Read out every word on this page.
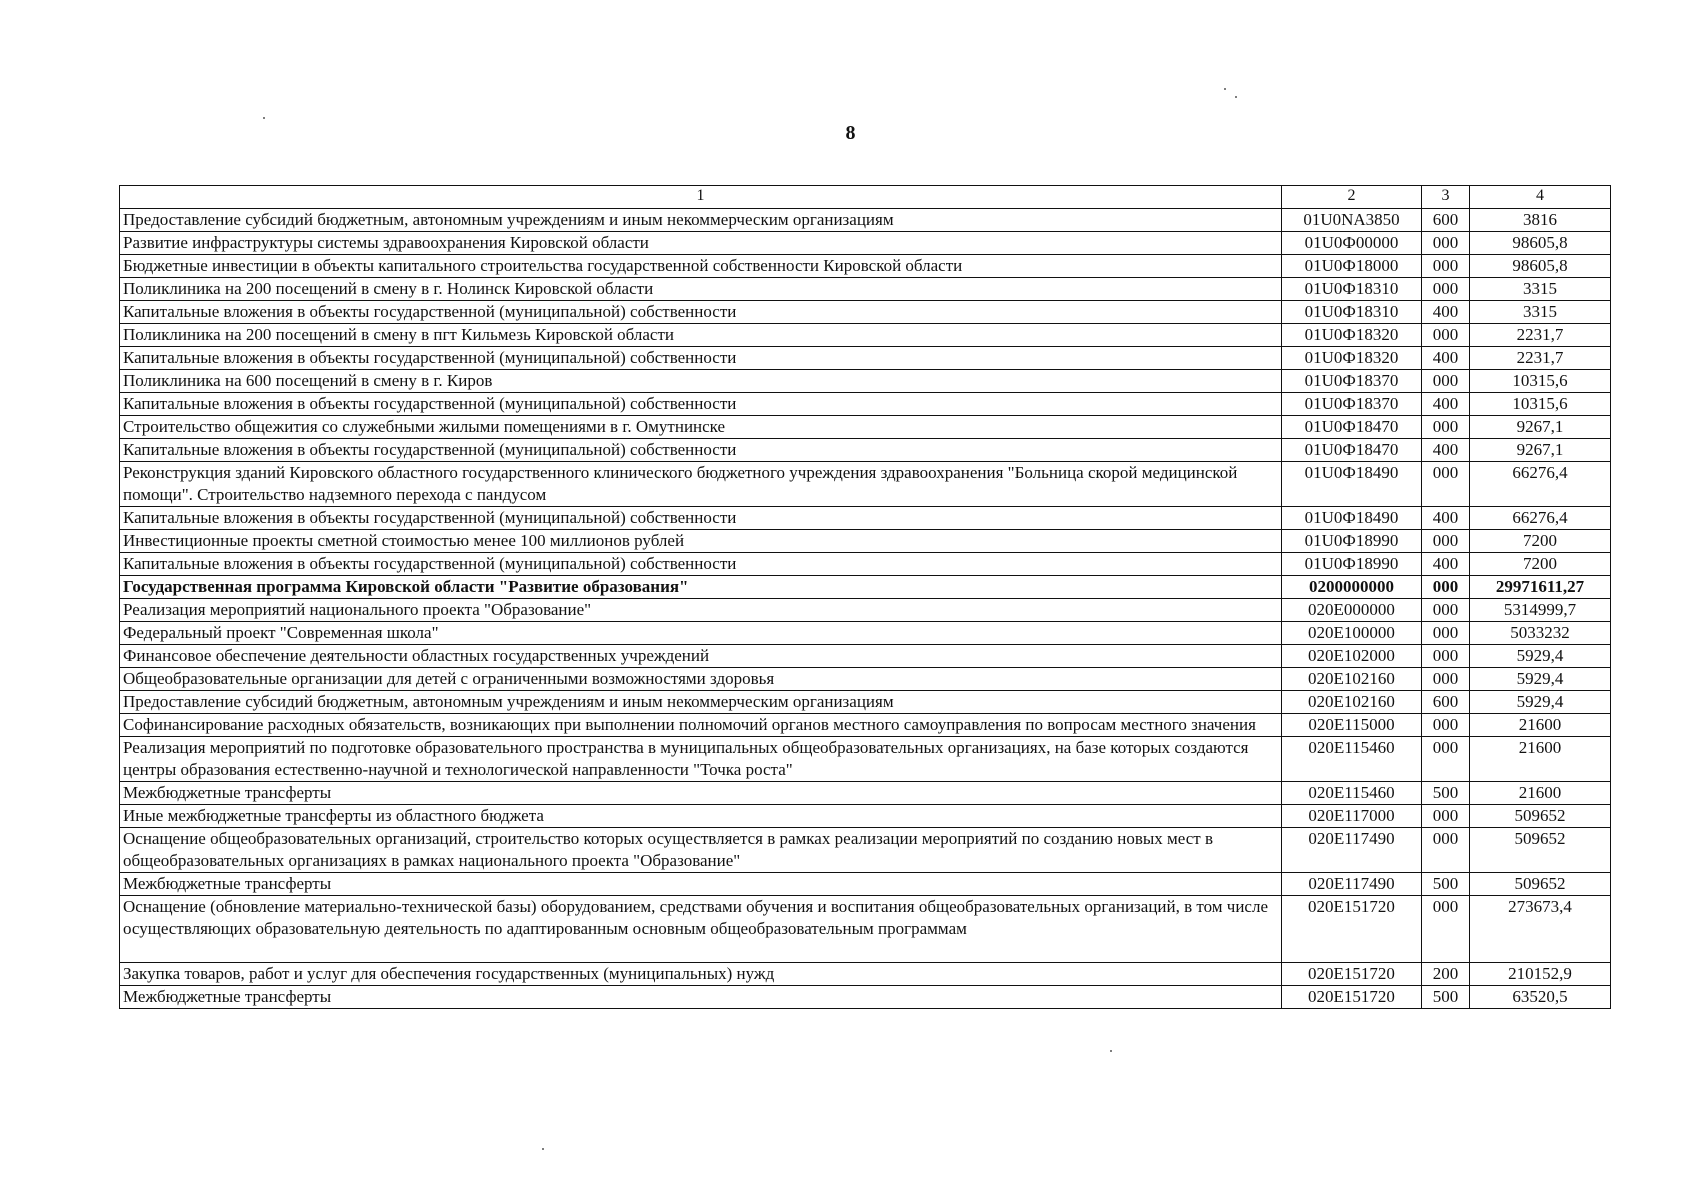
8
1	2	3	4
Предоставление субсидий бюджетным, автономным учреждениям и иным некоммерческим организациям	01U0NA3850	600	3816
Развитие инфраструктуры системы здравоохранения Кировской области	01U0Ф00000	000	98605,8
Бюджетные инвестиции в объекты капитального строительства государственной собственности Кировской области	01U0Ф18000	000	98605,8
Поликлиника на 200 посещений в смену в г. Нолинск Кировской области	01U0Ф18310	000	3315
Капитальные вложения в объекты государственной (муниципальной) собственности	01U0Ф18310	400	3315
Поликлиника на 200 посещений в смену в пгт Кильмезь Кировской области	01U0Ф18320	000	2231,7
Капитальные вложения в объекты государственной (муниципальной) собственности	01U0Ф18320	400	2231,7
Поликлиника на 600 посещений в смену в г. Киров	01U0Ф18370	000	10315,6
Капитальные вложения в объекты государственной (муниципальной) собственности	01U0Ф18370	400	10315,6
Строительство общежития со служебными жилыми помещениями в г. Омутнинске	01U0Ф18470	000	9267,1
Капитальные вложения в объекты государственной (муниципальной) собственности	01U0Ф18470	400	9267,1
Реконструкция зданий Кировского областного государственного клинического бюджетного учреждения здравоохранения "Больница скорой медицинской помощи". Строительство надземного перехода с пандусом	01U0Ф18490	000	66276,4
Капитальные вложения в объекты государственной (муниципальной) собственности	01U0Ф18490	400	66276,4
Инвестиционные проекты сметной стоимостью менее 100 миллионов рублей	01U0Ф18990	000	7200
Капитальные вложения в объекты государственной (муниципальной) собственности	01U0Ф18990	400	7200
Государственная программа Кировской области "Развитие образования"	0200000000	000	29971611,27
Реализация мероприятий национального проекта "Образование"	020E000000	000	5314999,7
Федеральный проект "Современная школа"	020E100000	000	5033232
Финансовое обеспечение деятельности областных государственных учреждений	020E102000	000	5929,4
Общеобразовательные организации для детей с ограниченными возможностями здоровья	020E102160	000	5929,4
Предоставление субсидий бюджетным, автономным учреждениям и иным некоммерческим организациям	020E102160	600	5929,4
Софинансирование расходных обязательств, возникающих при выполнении полномочий органов местного самоуправления по вопросам местного значения	020E115000	000	21600
Реализация мероприятий по подготовке образовательного пространства в муниципальных общеобразовательных организациях, на базе которых создаются центры образования естественно-научной и технологической направленности "Точка роста"	020E115460	000	21600
Межбюджетные трансферты	020E115460	500	21600
Иные межбюджетные трансферты из областного бюджета	020E117000	000	509652
Оснащение общеобразовательных организаций, строительство которых осуществляется в рамках реализации мероприятий по созданию новых мест в общеобразовательных организациях в рамках национального проекта "Образование"	020E117490	000	509652
Межбюджетные трансферты	020E117490	500	509652
Оснащение (обновление материально-технической базы) оборудованием, средствами обучения и воспитания общеобразовательных организаций, в том числе осуществляющих образовательную деятельность по адаптированным основным общеобразовательным программам	020E151720	000	273673,4
Закупка товаров, работ и услуг для обеспечения государственных (муниципальных) нужд	020E151720	200	210152,9
Межбюджетные трансферты	020E151720	500	63520,5
